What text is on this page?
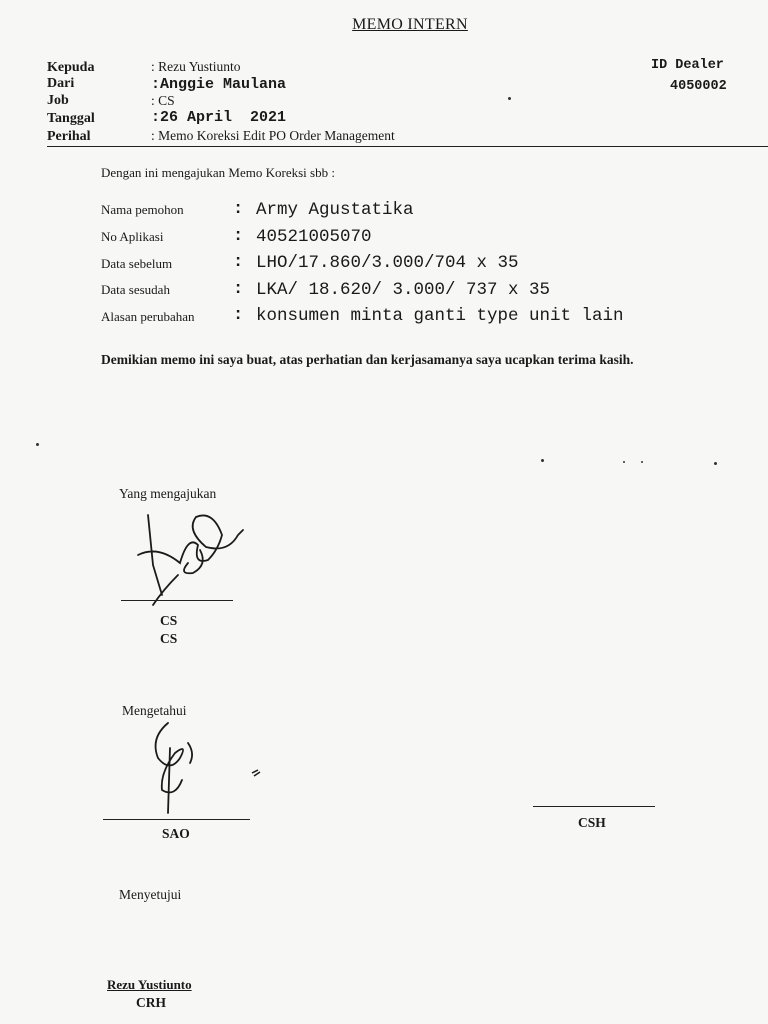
MEMO INTERN
Kepuda	: Rezu Yustiunto
Dari	:Anggie Maulana
Job	: CS
Tanggal	:26 April  2021
Perihal	: Memo Koreksi Edit PO Order Management
ID Dealer
4050002
Dengan ini mengajukan Memo Koreksi sbb :
Nama pemohon	: Army Agustatika
No Aplikasi	: 40521005070
Data sebelum	: LHO/17.860/3.000/704 x 35
Data sesudah	: LKA/ 18.620/ 3.000/ 737 x 35
Alasan perubahan : konsumen minta ganti type unit lain
Demikian memo ini saya buat, atas perhatian dan kerjasamanya saya ucapkan terima kasih.
Yang mengajukan
CS
CS
Mengetahui
SAO
CSH
Menyetujui
Rezu Yustiunto
CRH
